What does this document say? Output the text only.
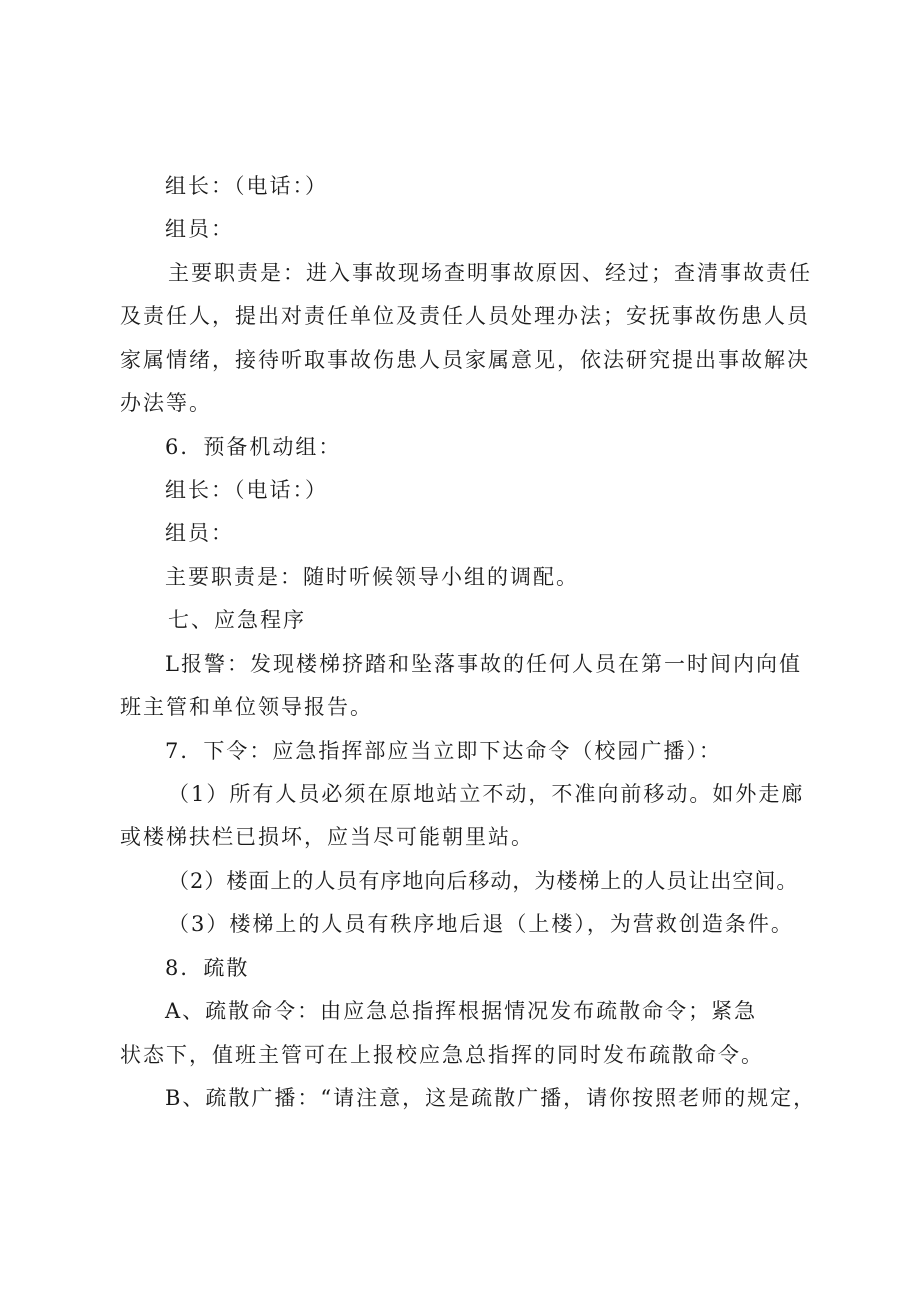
组长：（电话：）
组员：
主要职责是：进入事故现场查明事故原因、经过；查清事故责任
及责任人，提出对责任单位及责任人员处理办法；安抚事故伤患人员
家属情绪，接待听取事故伤患人员家属意见，依法研究提出事故解决
办法等。
6．预备机动组：
组长：（电话：）
组员：
主要职责是：随时听候领导小组的调配。
七、应急程序
L报警：发现楼梯挤踏和坠落事故的任何人员在第一时间内向值
班主管和单位领导报告。
7．下令：应急指挥部应当立即下达命令（校园广播）：
（1）所有人员必须在原地站立不动，不准向前移动。如外走廊
或楼梯扶栏已损坏，应当尽可能朝里站。
（2）楼面上的人员有序地向后移动，为楼梯上的人员让出空间。
（3）楼梯上的人员有秩序地后退（上楼），为营救创造条件。
8．疏散
A、疏散命令：由应急总指挥根据情况发布疏散命令；紧急
状态下，值班主管可在上报校应急总指挥的同时发布疏散命令。
B、疏散广播：“请注意，这是疏散广播，请你按照老师的规定，
